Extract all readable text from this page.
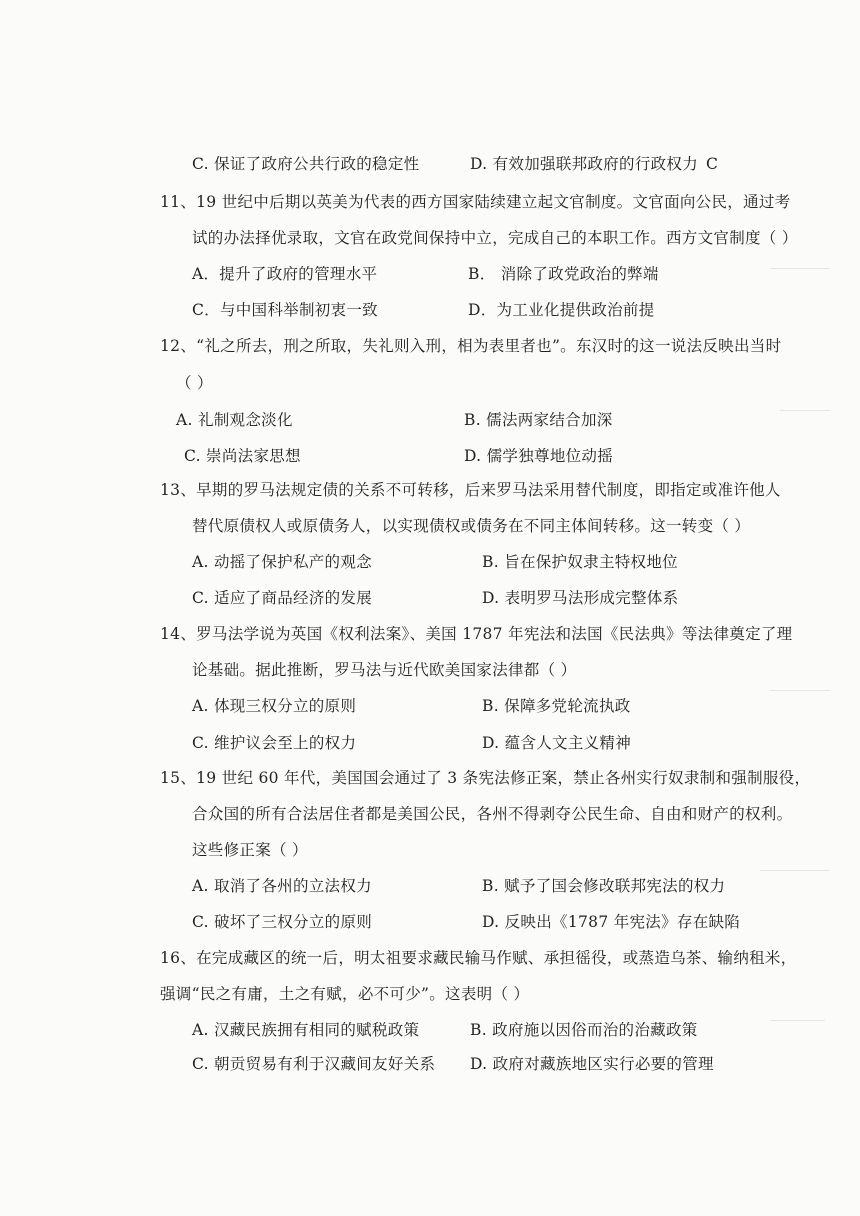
C. 保证了政府公共行政的稳定性	D. 有效加强联邦政府的行政权力 C
11、19 世纪中后期以英美为代表的西方国家陆续建立起文官制度。文官面向公民，通过考
试的办法择优录取，文官在政党间保持中立，完成自己的本职工作。西方文官制度（ ）
A．提升了政府的管理水平	B． 消除了政党政治的弊端
C．与中国科举制初衷一致	D．为工业化提供政治前提
12、“礼之所去，刑之所取，失礼则入刑，相为表里者也”。东汉时的这一说法反映出当时
（ ）
A. 礼制观念淡化	B. 儒法两家结合加深
C. 崇尚法家思想	D. 儒学独尊地位动摇
13、早期的罗马法规定债的关系不可转移，后来罗马法采用替代制度，即指定或准许他人
替代原债权人或原债务人，以实现债权或债务在不同主体间转移。这一转变（ ）
A. 动摇了保护私产的观念	B. 旨在保护奴隶主特权地位
C. 适应了商品经济的发展	D. 表明罗马法形成完整体系
14、罗马法学说为英国《权利法案》、美国 1787 年宪法和法国《民法典》等法律奠定了理
论基础。据此推断，罗马法与近代欧美国家法律都（ ）
A. 体现三权分立的原则	B. 保障多党轮流执政
C. 维护议会至上的权力	D. 蕴含人文主义精神
15、19 世纪 60 年代，美国国会通过了 3 条宪法修正案，禁止各州实行奴隶制和强制服役，
合众国的所有合法居住者都是美国公民，各州不得剥夺公民生命、自由和财产的权利。
这些修正案（ ）
A. 取消了各州的立法权力	B. 赋予了国会修改联邦宪法的权力
C. 破坏了三权分立的原则	D. 反映出《1787 年宪法》存在缺陷
16、在完成藏区的统一后，明太祖要求藏民输马作赋、承担徭役，或蒸造乌茶、输纳租米，
强调“民之有庸，土之有赋，必不可少”。这表明（ ）
A. 汉藏民族拥有相同的赋税政策	B. 政府施以因俗而治的治藏政策
C. 朝贡贸易有利于汉藏间友好关系 D. 政府对藏族地区实行必要的管理
